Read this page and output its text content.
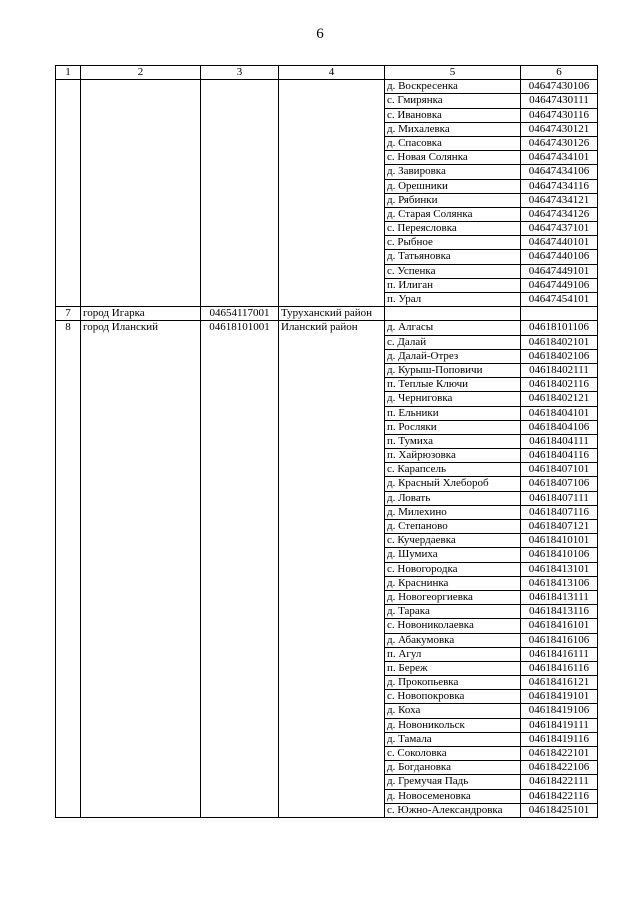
6
1	2	3	4	5	6
				д. Воскресенка	04647430106
				с. Гмирянка	04647430111
				с. Ивановка	04647430116
				д. Михалевка	04647430121
				д. Спасовка	04647430126
				с. Новая Солянка	04647434101
				д. Завировка	04647434106
				д. Орешники	04647434116
				д. Рябинки	04647434121
				д. Старая Солянка	04647434126
				с. Переясловка	04647437101
				с. Рыбное	04647440101
				д. Татьяновка	04647440106
				с. Успенка	04647449101
				п. Илиган	04647449106
				п. Урал	04647454101
7	город Игарка	04654117001	Туруханский район		
8	город Иланский	04618101001	Иланский район	д. Алгасы	04618101106
				с. Далай	04618402101
				д. Далай-Отрез	04618402106
				д. Курыш-Поповичи	04618402111
				п. Теплые Ключи	04618402116
				д. Черниговка	04618402121
				п. Ельники	04618404101
				п. Росляки	04618404106
				п. Тумиха	04618404111
				п. Хайрюзовка	04618404116
				с. Карапсель	04618407101
				д. Красный Хлебороб	04618407106
				д. Ловать	04618407111
				д. Милехино	04618407116
				д. Степаново	04618407121
				с. Кучердаевка	04618410101
				д. Шумиха	04618410106
				с. Новогородка	04618413101
				д. Краснинка	04618413106
				д. Новогеоргиевка	04618413111
				д. Тарака	04618413116
				с. Новониколаевка	04618416101
				д. Абакумовка	04618416106
				п. Агул	04618416111
				п. Береж	04618416116
				д. Прокопьевка	04618416121
				с. Новопокровка	04618419101
				д. Коха	04618419106
				д. Новоникольск	04618419111
				д. Тамала	04618419116
				с. Соколовка	04618422101
				д. Богдановка	04618422106
				д. Гремучая Падь	04618422111
				д. Новосеменовка	04618422116
				с. Южно-Александровка	04618425101
